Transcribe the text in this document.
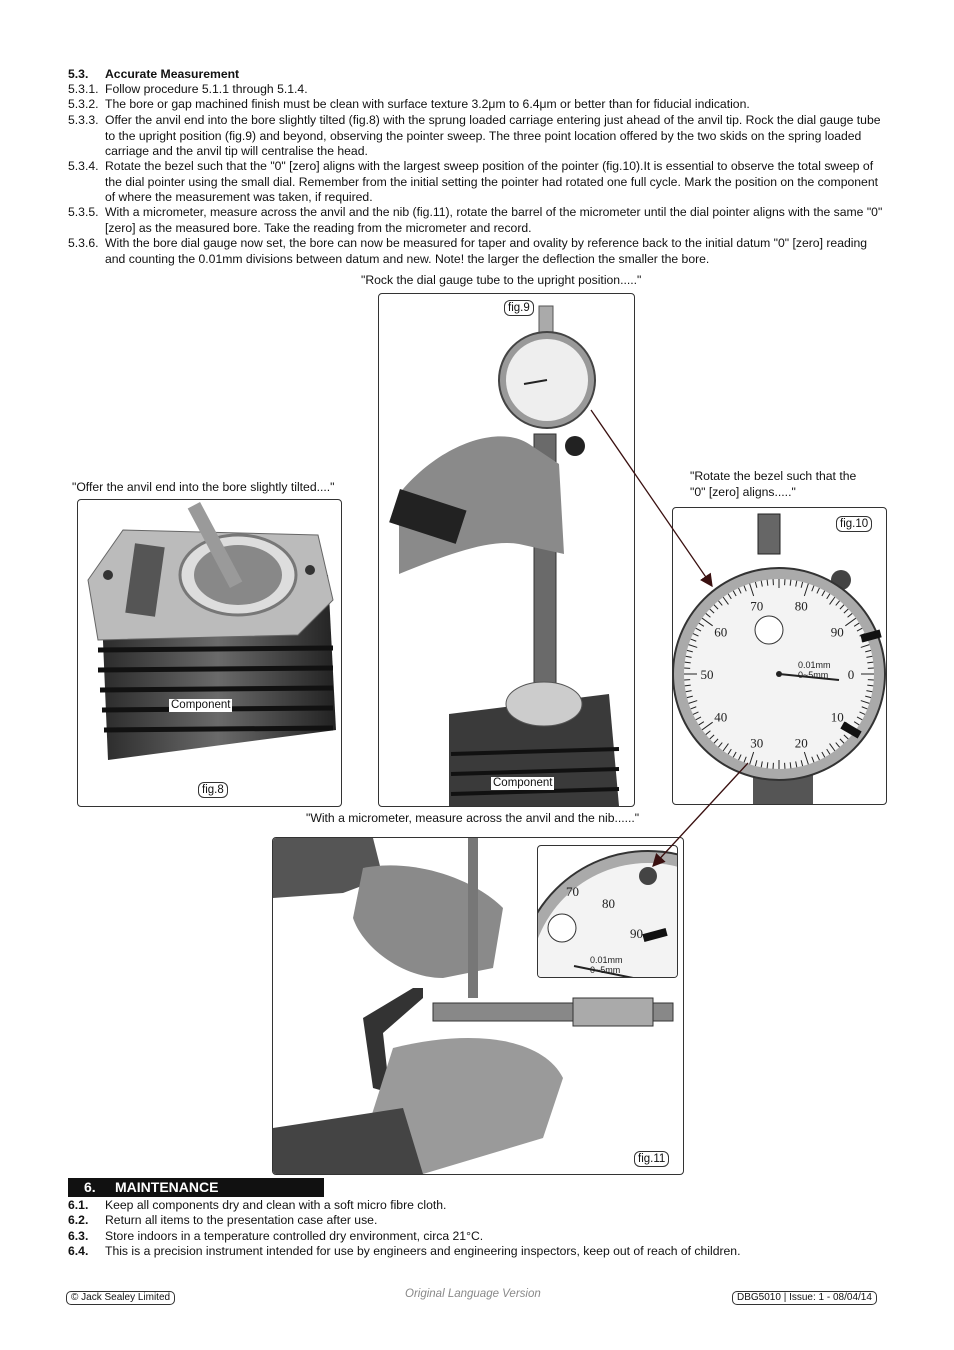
5.3.	Accurate Measurement
5.3.1. Follow procedure 5.1.1 through 5.1.4.
5.3.2. The bore or gap machined finish must be clean with surface texture 3.2μm to 6.4μm or better than for fiducial indication.
5.3.3. Offer the anvil end into the bore slightly tilted (fig.8) with the sprung loaded carriage entering just ahead of the anvil tip. Rock the dial gauge tube to the upright position (fig.9) and beyond, observing the pointer sweep. The three point location offered by the two skids on the spring loaded carriage and the anvil tip will centralise the head.
5.3.4. Rotate the bezel such that the "0" [zero] aligns with the largest sweep position of the pointer (fig.10).It is essential to observe the total sweep of the dial pointer using the small dial. Remember from the initial setting the pointer had rotated one full cycle. Mark the position on the component of where the measurement was taken, if required.
5.3.5. With a micrometer, measure across the anvil and the nib (fig.11), rotate the barrel of the micrometer until the dial pointer aligns with the same "0" [zero] as the measured bore. Take the reading from the micrometer and record.
5.3.6. With the bore dial gauge now set, the bore can now be measured for taper and ovality by reference back to the initial datum "0" [zero] reading and counting the 0.01mm divisions between datum and new. Note! the larger the deflection the smaller the bore.
"Rock the dial gauge tube to the upright position....."
"Offer the anvil end into the bore slightly tilted...."
"Rotate the bezel such that the
"0" [zero] aligns....."
"With a micrometer, measure across the anvil and the nib......"
Component
fig.8
fig.9
Component
0
10
20
30
40
50
60
70 80
90
0.01mm
0~5mm
fig.10
70
80
90
0.01mm
0~5mm
fig.11
6. MAINTENANCE
6.1. Keep all components dry and clean with a soft micro fibre cloth.
6.2. Return all items to the presentation case after use.
6.3. Store indoors in a temperature controlled dry environment, circa 21°C.
6.4. This is a precision instrument intended for use by engineers and engineering inspectors, keep out of reach of children.
© Jack Sealey Limited	Original Language Version	DBG5010 | Issue: 1 - 08/04/14
